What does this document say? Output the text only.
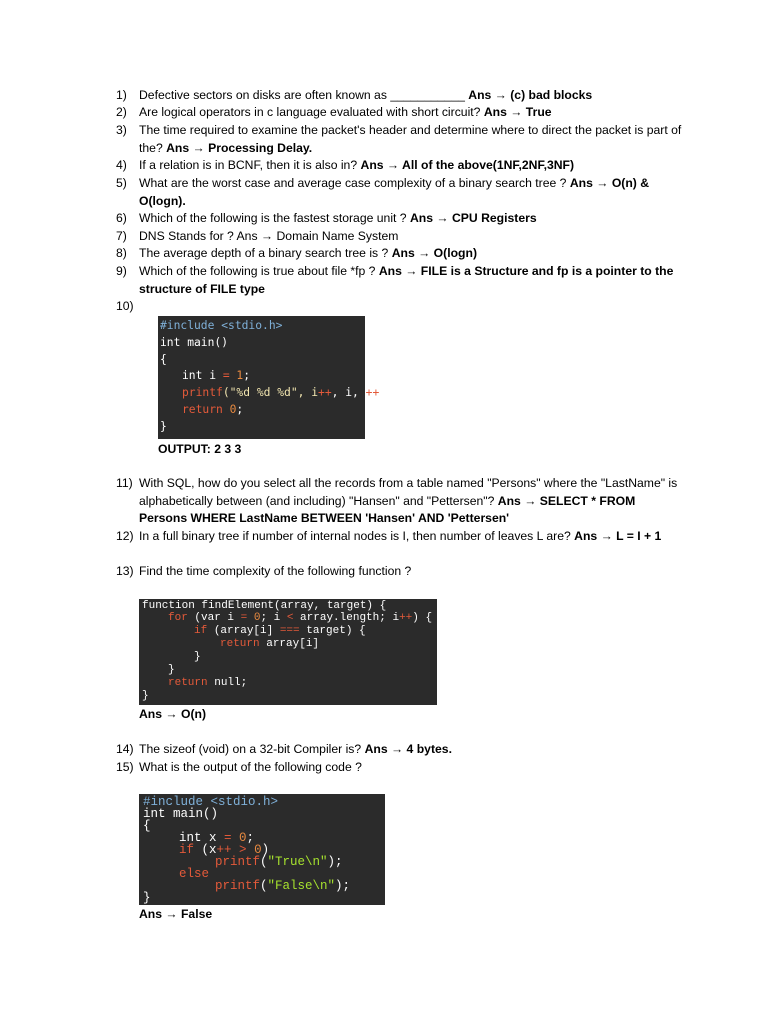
1) Defective sectors on disks are often known as ___________ Ans → (c) bad blocks
2) Are logical operators in c language evaluated with short circuit? Ans → True
3) The time required to examine the packet's header and determine where to direct the packet is part of the? Ans → Processing Delay.
4) If a relation is in BCNF, then it is also in? Ans → All of the above(1NF,2NF,3NF)
5) What are the worst case and average case complexity of a binary search tree ? Ans → O(n) & O(logn).
6) Which of the following is the fastest storage unit ? Ans → CPU Registers
7) DNS Stands for ? Ans → Domain Name System
8) The average depth of a binary search tree is ? Ans → O(logn)
9) Which of the following is true about file *fp ? Ans → FILE is a Structure and fp is a pointer to the structure of FILE type
10)
#include <stdio.h>
int main()
{
int i = 1;
printf("%d %d %d", i++, i, ++i);
return 0;
}
OUTPUT: 2 3 3
11) With SQL, how do you select all the records from a table named "Persons" where the "LastName" is alphabetically between (and including) "Hansen" and "Pettersen"? Ans → SELECT * FROM Persons WHERE LastName BETWEEN 'Hansen' AND 'Pettersen'
12) In a full binary tree if number of internal nodes is I, then number of leaves L are? Ans → L = I + 1
13) Find the time complexity of the following function ?
function findElement(array, target) {
for (var i = 0; i < array.length; i++) {
if (array[i] === target) {
return array[i]
}
}
return null;
}
Ans → O(n)
14) The sizeof (void) on a 32-bit Compiler is? Ans → 4 bytes.
15) What is the output of the following code ?
#include <stdio.h>
int main()
{
int x = 0;
if (x++ > 0)
printf("True\n");
else
printf("False\n");
}
Ans → False
